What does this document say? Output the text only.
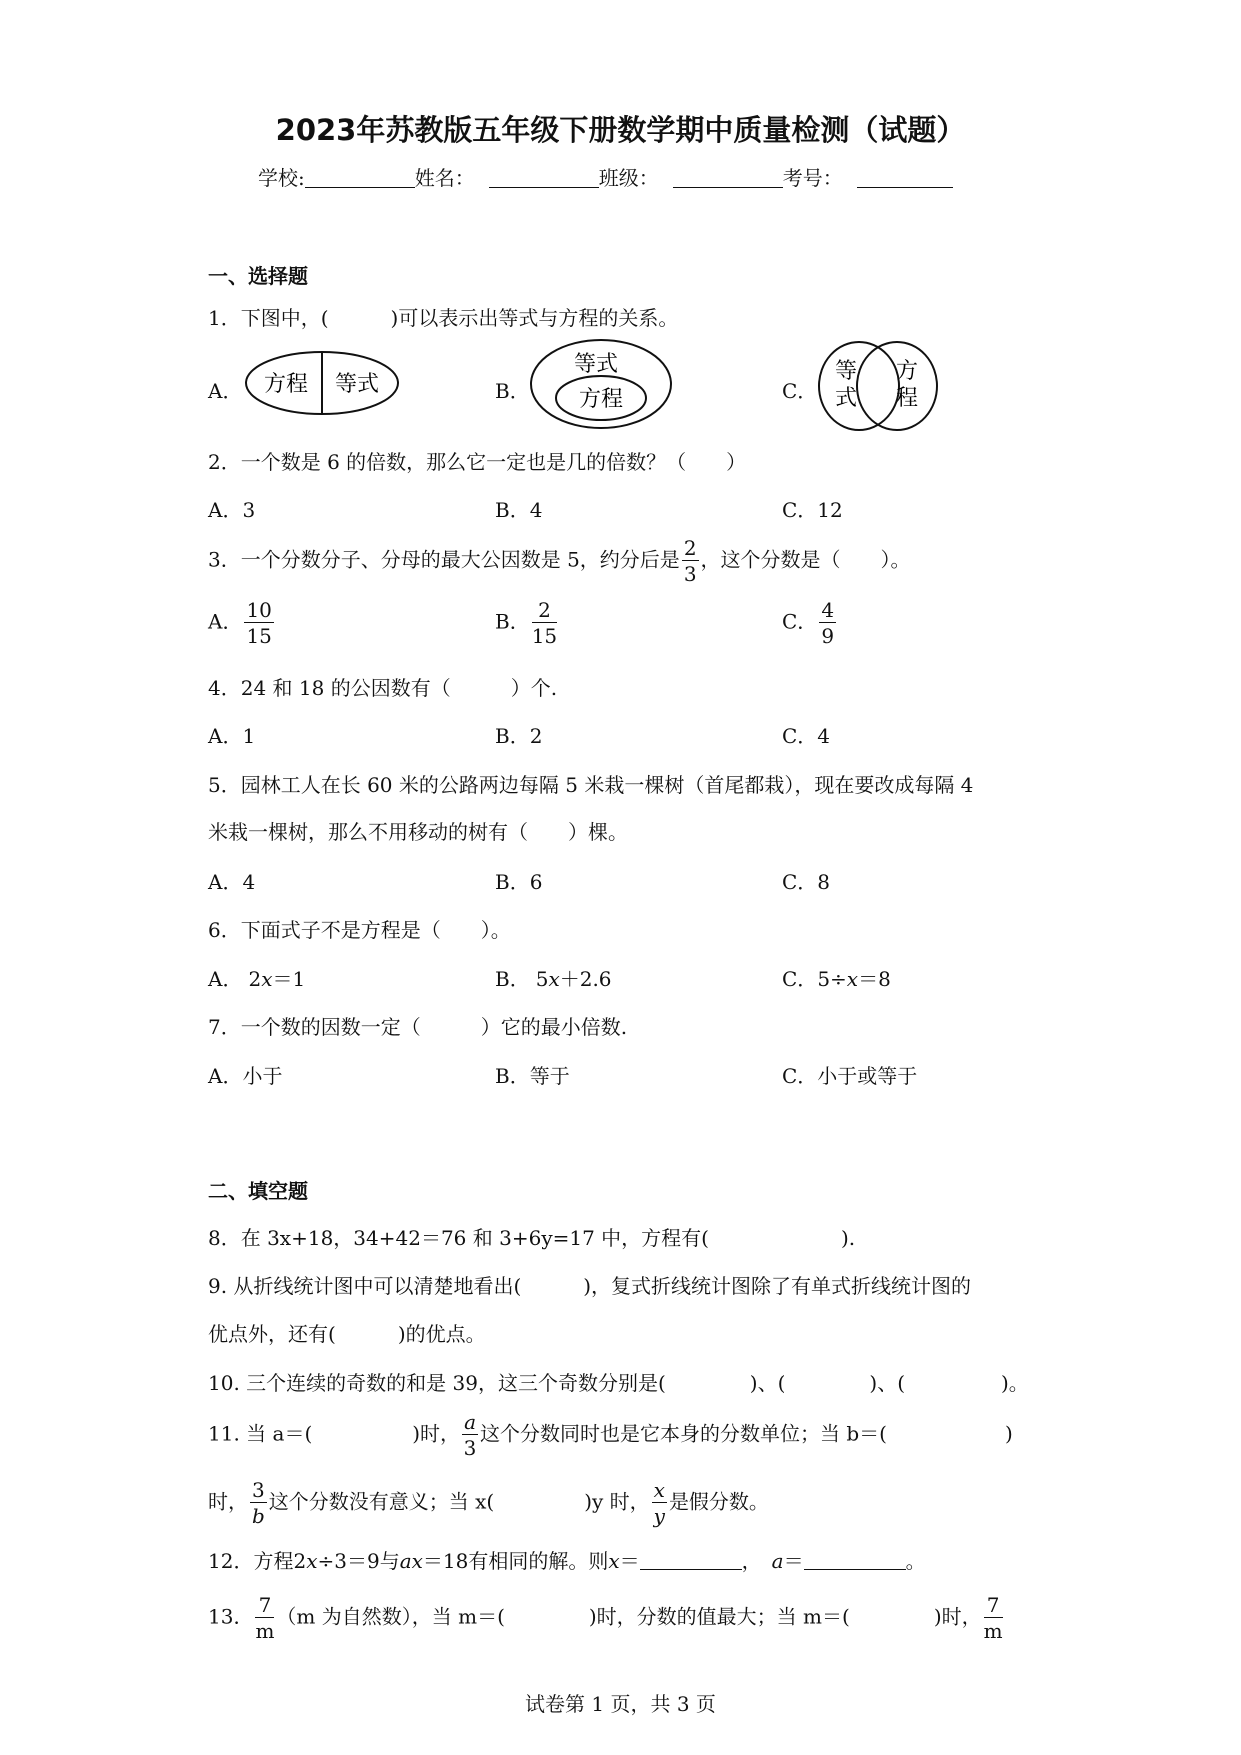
2023年苏教版五年级下册数学期中质量检测（试题）
学校:	姓名：	班级：	考号：
一、选择题
1．下图中，(	)可以表示出等式与方程的关系。
A． 方程 等式	B．
等式
方程	C．
等
式
方
程
2．一个数是 6 的倍数，那么它一定也是几的倍数？（　　）
A．3	B．4	C．12
3．一个分数分子、分母的最大公因数是 5，约分后是 $\frac{2}{3}$ ，这个分数是（　　）。
A． $\frac{10}{15}$	B． $\frac{2}{15}$	C． $\frac{4}{9}$
4．24 和 18 的公因数有（　　　）个.
A．1	B．2	C．4
5．园林工人在长 60 米的公路两边每隔 5 米栽一棵树（首尾都栽），现在要改成每隔 4
米栽一棵树，那么不用移动的树有（　　）棵。
A．4	B．6	C．8
6．下面式子不是方程是（　　）。
A． 2x＝1	B． 5x＋2.6	C．5÷x＝8
7．一个数的因数一定（　　　）它的最小倍数.
A．小于	B．等于	C．小于或等于
二、填空题
8．在 3x+18，34+42＝76 和 3+6y=17 中，方程有(	).
9. 从折线统计图中可以清楚地看出(	)，复式折线统计图除了有单式折线统计图的
优点外，还有(	)的优点。
10. 三个连续的奇数的和是 39，这三个奇数分别是(	)、(	)、(	)。
11. 当 a＝(	)时， $\frac{a}{3}$ 这个分数同时也是它本身的分数单位；当 b＝(	)
时， $\frac{3}{b}$ 这个分数没有意义；当 x(	)y 时， $\frac{x}{y}$ 是假分数。
12．方程2x÷3＝9与ax＝18有相同的解。则x＝	， a＝	。
13． $\frac{7}{m} (m$ 为自然数），当 m＝(	)时，分数的值最大；当 m＝(	)时， $\frac{7}{m}$
试卷第 1 页，共 3 页
